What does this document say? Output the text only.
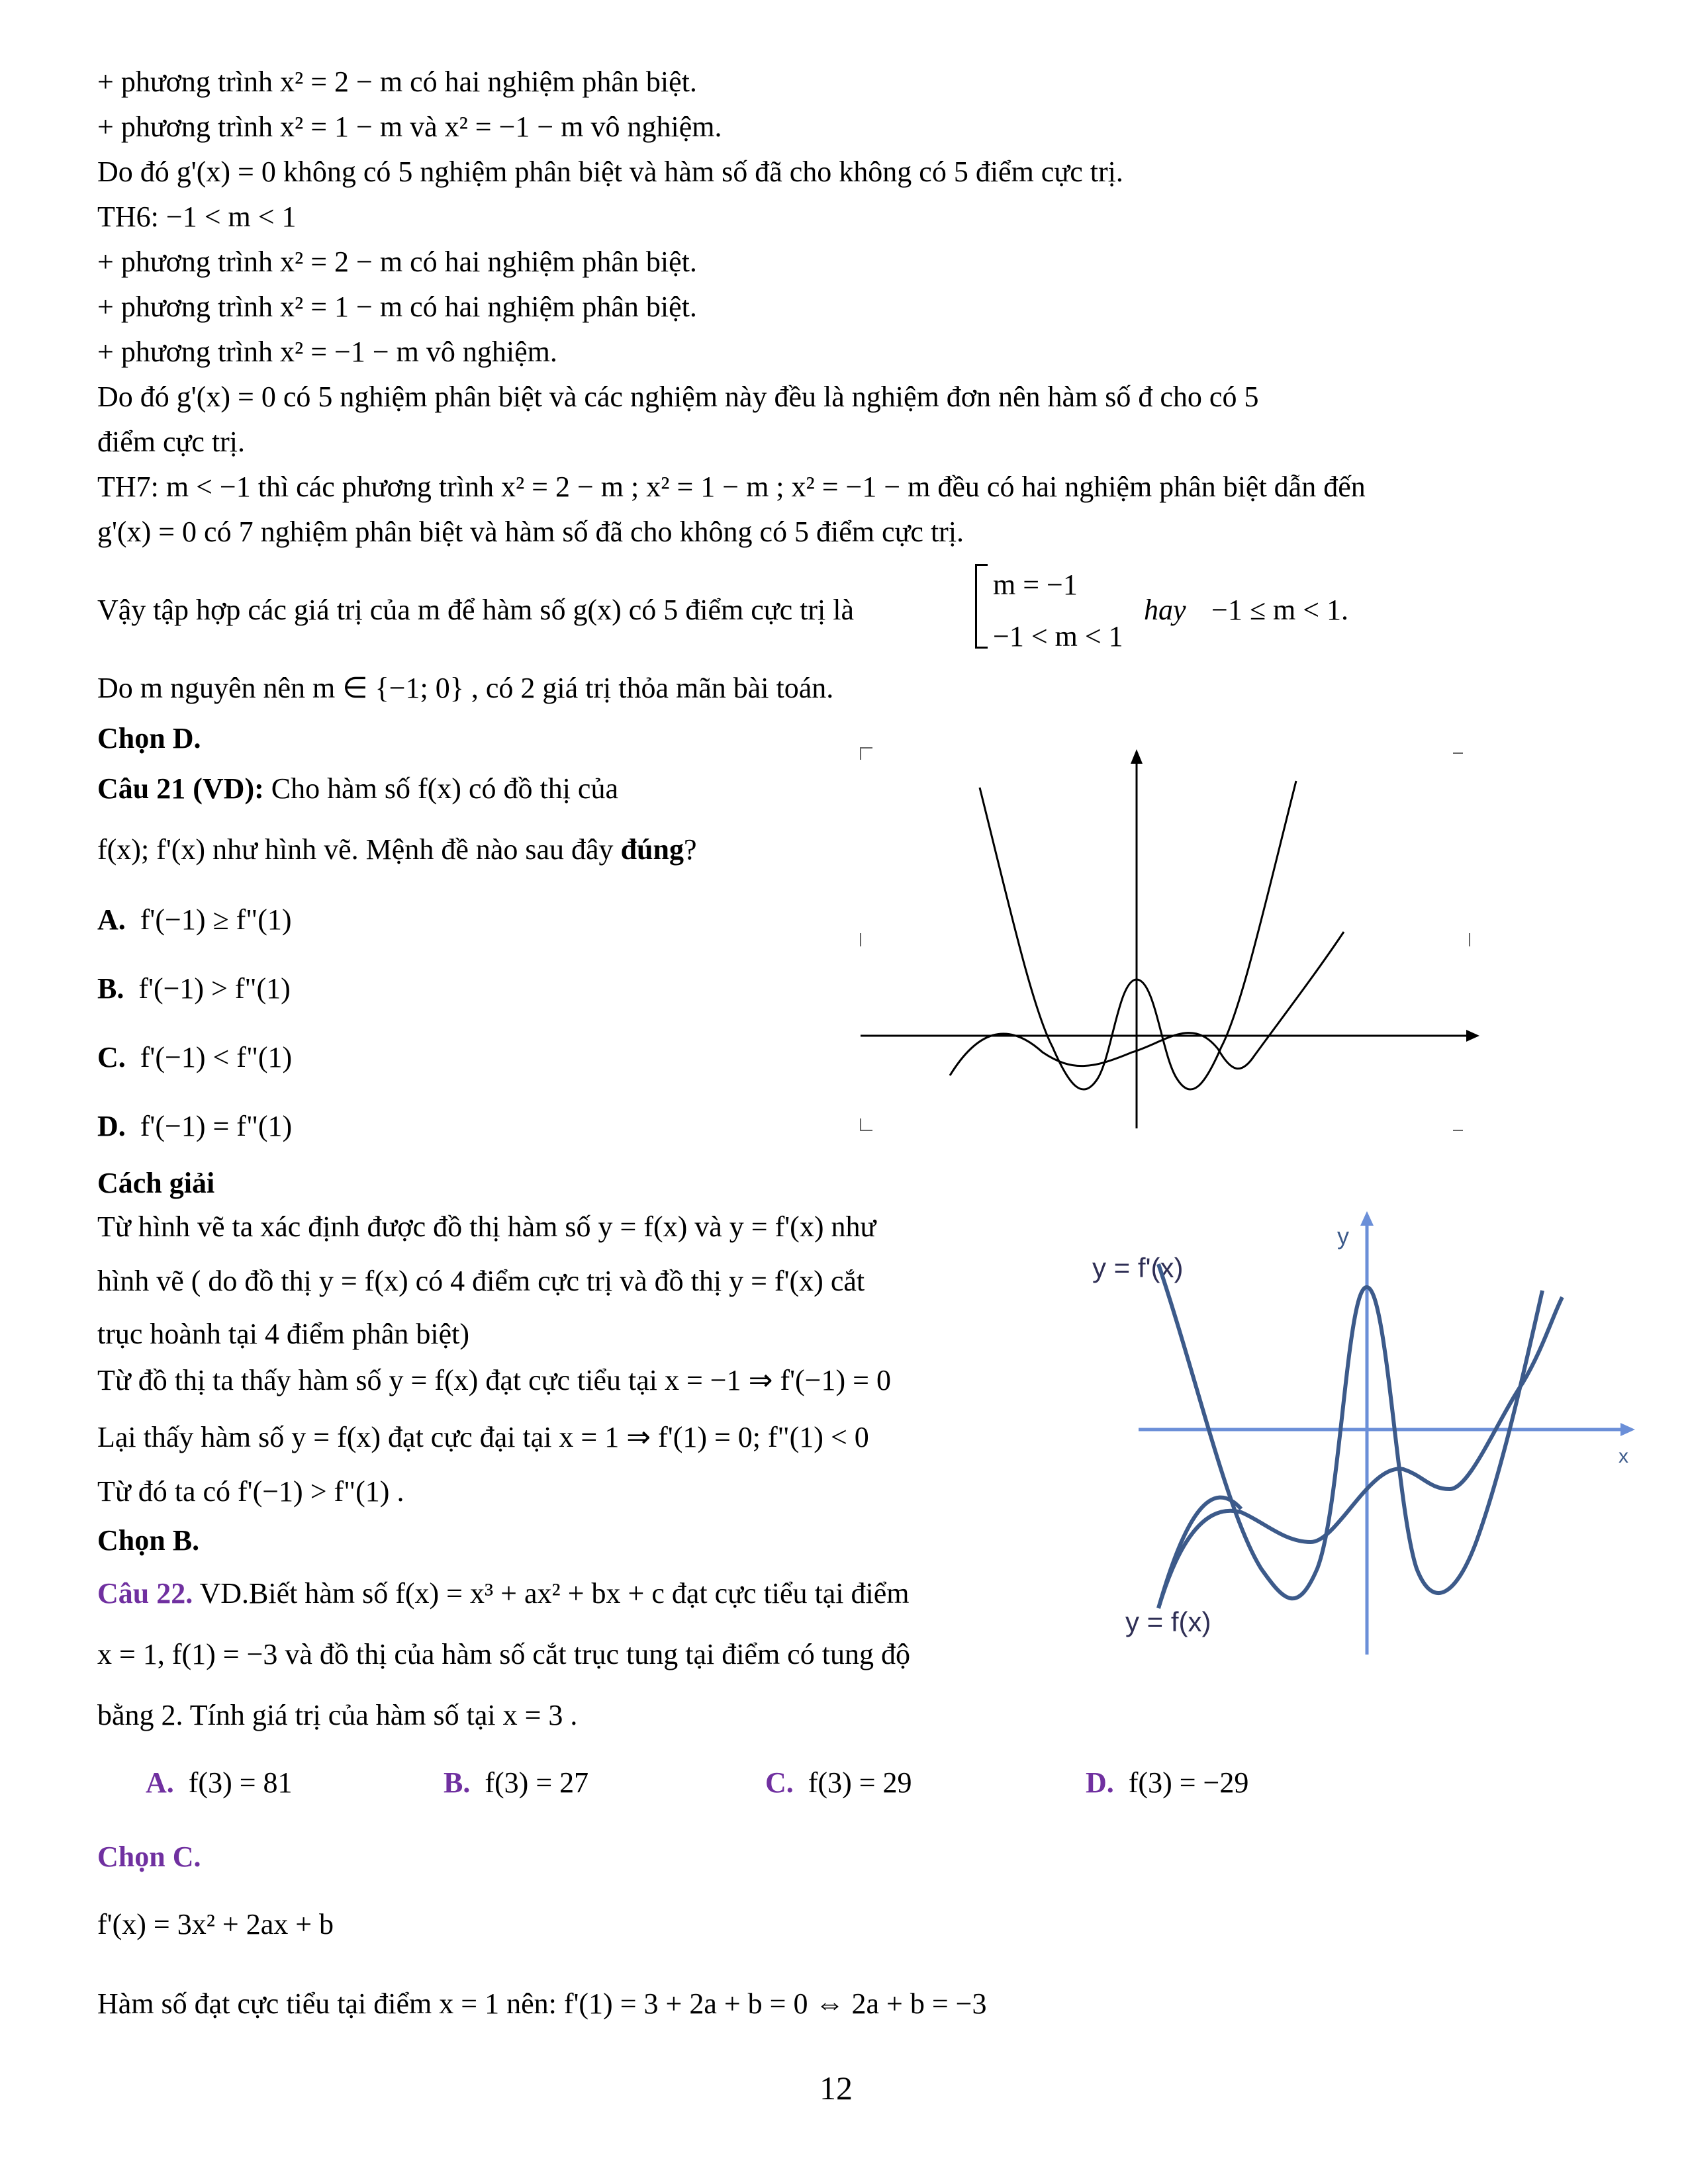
+ phương trình x² = 2 − m có hai nghiệm phân biệt.
+ phương trình x² = 1 − m và x² = −1 − m vô nghiệm.
Do đó g'(x) = 0 không có 5 nghiệm phân biệt và hàm số đã cho không có 5 điểm cực trị.
TH6: −1 < m < 1
+ phương trình x² = 2 − m có hai nghiệm phân biệt.
+ phương trình x² = 1 − m có hai nghiệm phân biệt.
+ phương trình x² = −1 − m vô nghiệm.
Do đó g'(x) = 0 có 5 nghiệm phân biệt và các nghiệm này đều là nghiệm đơn nên hàm số đ cho có 5
điểm cực trị.
TH7: m < −1 thì các phương trình x² = 2 − m ; x² = 1 − m ; x² = −1 − m đều có hai nghiệm phân biệt dẫn đến
g'(x) = 0 có 7 nghiệm phân biệt và hàm số đã cho không có 5 điểm cực trị.
Vậy tập hợp các giá trị của m để hàm số g(x) có 5 điểm cực trị là
m = −1
−1 < m < 1
hay −1 ≤ m < 1.
Do m nguyên nên m ∈ {−1; 0} , có 2 giá trị thỏa mãn bài toán.
Chọn D.
Câu 21 (VD): Cho hàm số f(x) có đồ thị của
f(x); f'(x) như hình vẽ. Mệnh đề nào sau đây đúng?
A. f'(−1) ≥ f"(1)
B. f'(−1) > f"(1)
C. f'(−1) < f"(1)
D. f'(−1) = f"(1)
Cách giải
Từ hình vẽ ta xác định được đồ thị hàm số y = f(x) và y = f'(x) như
hình vẽ ( do đồ thị y = f(x) có 4 điểm cực trị và đồ thị y = f'(x) cắt
trục hoành tại 4 điểm phân biệt)
Từ đồ thị ta thấy hàm số y = f(x) đạt cực tiểu tại x = −1 ⇒ f'(−1) = 0
Lại thấy hàm số y = f(x) đạt cực đại tại x = 1 ⇒ f'(1) = 0; f"(1) < 0
Từ đó ta có f'(−1) > f"(1) .
Chọn B.
y
x
y = f'(x)
y = f(x)
Câu 22. VD.Biết hàm số f(x) = x³ + ax² + bx + c đạt cực tiểu tại điểm
x = 1, f(1) = −3 và đồ thị của hàm số cắt trục tung tại điểm có tung độ
bằng 2. Tính giá trị của hàm số tại x = 3 .
A. f(3) = 81	B. f(3) = 27	C. f(3) = 29	D. f(3) = −29
Chọn C.
f'(x) = 3x² + 2ax + b
Hàm số đạt cực tiểu tại điểm x = 1 nên: f'(1) = 3 + 2a + b = 0 ⇔ 2a + b = −3
12
